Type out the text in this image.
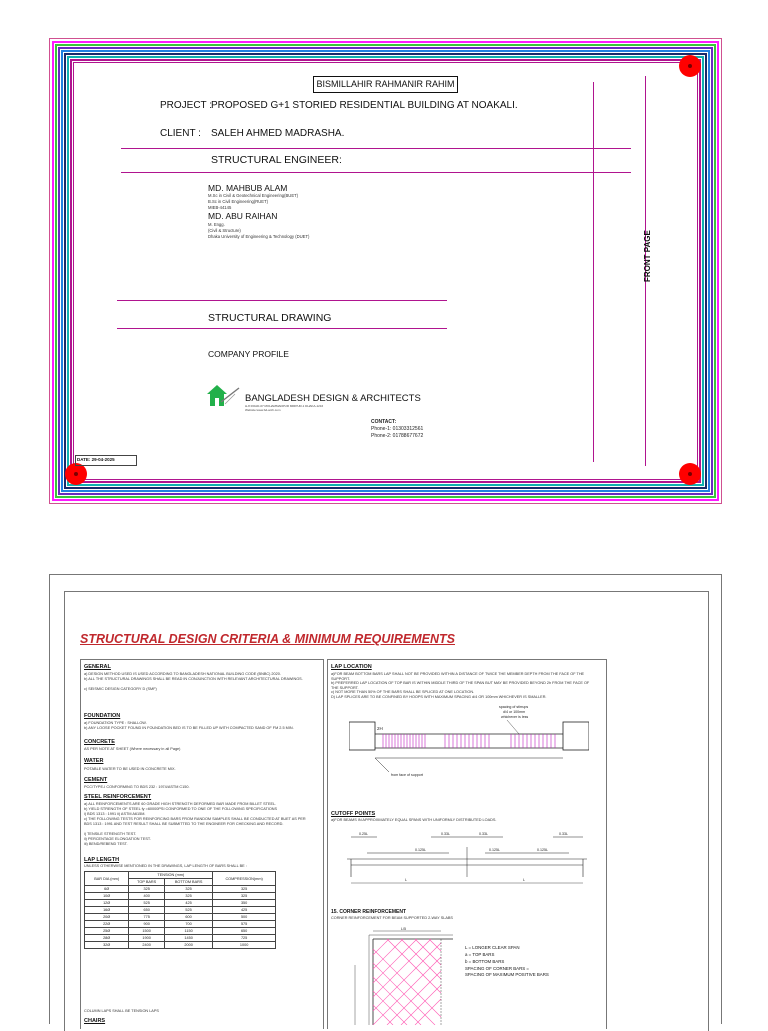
BISMILLAHIR RAHMANIR RAHIM
PROJECT :
PROPOSED G+1 STORIED RESIDENTIAL BUILDING AT NOAKALI.
CLIENT : SALEH AHMED MADRASHA.
STRUCTURAL ENGINEER:
MD. MAHBUB ALAM
M.Sc in Civil & Geotechnical Engineering(BUET)
B.Sc in Civil Engineering(RUET)
MIEB-44145
MD. ABU RAIHAN
M. Engg.
(Civil & Structure)
Dhaka University of Engineering & Technology (DUET)
STRUCTURAL DRAWING
COMPANY PROFILE
BANGLADESH DESIGN & ARCHITECTS
H-8 ROAD-07 MOHAMMADPUR MIRPUR-1 DHAKA-1216
Website:www.bd-arch.com
CONTACT:
Phone-1: 01303312561
Phone-2: 01788677672
DATE: 29-04-2025
FRONT PAGE
STRUCTURAL DESIGN CRITERIA & MINIMUM REQUIREMENTS
GENERAL
a) DESIGN METHOD USED IS USED ACCORDING TO BANGLADESH NATIONAL BUILDING CODE (BNBC) 2020.
b) ALL THE STRUCTURAL DRAWINGS SHALL BE READ IN CONJUNCTION WITH RELEVANT ARCHITECTURAL DRAWINGS.
c) SEISMIC DESIGN CATEGORY D (SMF)
FOUNDATION
a) FOUNDATION TYPE : SHALLOW.
b) ANY LOOSE POCKET FOUND IN FOUNDATION BED IS TO BE FILLED UP WITH COMPACTED SAND OF FM 2.5 MIN.
CONCRETE
AS PER NOTE AT SHEET (Where necessary in all Page)
WATER
POTABLE WATER TO BE USED IN CONCRETE MIX.
CEMENT
PCC/TYPE-I CONFORMING TO BDS 232 : 1974/ASTM C150.
STEEL REINFORCEMENT
a) ALL REINFORCEMENTS ARE 60 GRADE HIGH STRENGTH DEFORMED BAR MADE FROM BILLET STEEL.
b) YIELD STRENGTH OF STEEL fy =60000PSI CONFORMED TO ONE OF THE FOLLOWING SPECIFICATIONS
i) BDS 1313 : 1991 ii) ASTM A615M.
c) THE FOLLOWING TESTS FOR REINFORCING BARS FROM RANDOM SAMPLES SHALL BE CONDUCTED AT BUET AS PER BDS 1313 : 1991 AND TEST RESULT SHALL BE SUBMITTED TO THE ENGINEER FOR CHECKING AND RECORD.
i) TENSILE STRENGTH TEST.
ii) PERCENTAGE ELONGATION TEST.
iii) BEND/REBEND TEST.
LAP LENGTH
UNLESS OTHERWISE MENTIONED IN THE DRAWINGS, LAP LENGTH OF BARS SHALL BE :
BAR DIA (mm)	TENSION (mm)		COMPRESSION(mm)
	TOP BARS	BOTTOM BARS	
6Ø	325	325	325
10Ø	400	325	325
12Ø	525	425	350
16Ø	650	525	425
20Ø	775	600	500
22Ø	900	700	575
25Ø	1500	1150	650
28Ø	1900	1450	725
32Ø	2400	2000	1000
COLUMN LAPS SHALL BE TENSION LAPS
CHAIRS
LAP LOCATION
a)FOR BEAM BOTTOM BARS LAP SHALL NOT BE PROVIDED WITHIN A DISTANCE OF TWICE THE MEMBER DEPTH FROM THE FACE OF THE SUPPORT.
b) PREFERRED LAP LOCATION OF TOP BAR IS WITHIN MIDDLE THIRD OF THE SPAN BUT MAY BE PROVIDED BEYOND 2h FROM THE FACE OF THE SUPPORT.
c) NOT MORE THAN 50% OF THE BARS SHALL BE SPLICED AT ONE LOCATION.
D) LAP SPLICES ARE TO BE CONFINED BY HOOPS WITH MAXIMUM SPACING d/4 OR 100mm WHICHEVER IS SMALLER.
2H
from face of support
spacing of stirrups
d/4 or 100mm
whichever is less
CUTOFF POINTS
a)FOR BEAMS IN APPROXIMATELY EQUAL SPANS WITH UNIFORMLY DISTRIBUTED LOADS.
0.25L	0.33L	0.33L	0.33L
0.125L	0.125L	0.125L
L	L
15. CORNER REINFORCEMENT
CORNER REINFORCEMENT FOR BEAM SUPPORTED 2-WAY SLABS
L/5
L = LONGER CLEAR SPAN
a = TOP BARS
b = BOTTOM BARS
SPACING OF CORNER BARS =
SPACING OF MAXIMUM POSITIVE BARS
